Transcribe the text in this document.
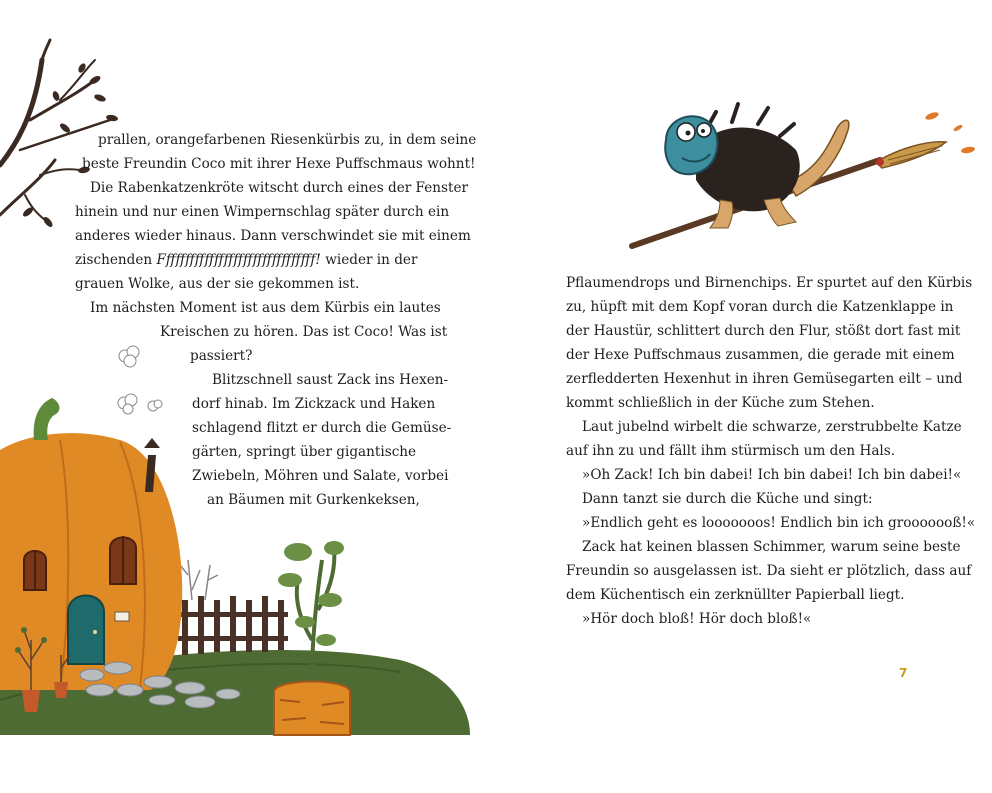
prallen, orangefarbenen Riesenkürbis zu, in dem seine
beste Freundin Coco mit ihrer Hexe Puffschmaus wohnt!
Die Rabenkatzenkröte witscht durch eines der Fenster
hinein und nur einen Wimpernschlag später durch ein
anderes wieder hinaus. Dann verschwindet sie mit einem
zischenden Ffffffffffffffffffffffffffffffff! wieder in der
grauen Wolke, aus der sie gekommen ist.
Im nächsten Moment ist aus dem Kürbis ein lautes
Kreischen zu hören. Das ist Coco! Was ist
passiert?
Blitzschnell saust Zack ins Hexen-
dorf hinab. Im Zickzack und Haken
schlagend flitzt er durch die Gemüse-
gärten, springt über gigantische
Zwiebeln, Möhren und Salate, vorbei
an Bäumen mit Gurkenkeksen,
Pflaumendrops und Birnenchips. Er spurtet auf den Kürbis
zu, hüpft mit dem Kopf voran durch die Katzenklappe in
der Haustür, schlittert durch den Flur, stößt dort fast mit
der Hexe Puffschmaus zusammen, die gerade mit einem
zerfledderten Hexenhut in ihren Gemüsegarten eilt – und
kommt schließlich in der Küche zum Stehen.
Laut jubelnd wirbelt die schwarze, zerstrubbelte Katze
auf ihn zu und fällt ihm stürmisch um den Hals.
»Oh Zack! Ich bin dabei! Ich bin dabei! Ich bin dabei!«
Dann tanzt sie durch die Küche und singt:
»Endlich geht es looooooos! Endlich bin ich grooooooß!«
Zack hat keinen blassen Schimmer, warum seine beste
Freundin so ausgelassen ist. Da sieht er plötzlich, dass auf
dem Küchentisch ein zerknüllter Papierball liegt.
»Hör doch bloß! Hör doch bloß!«
7
